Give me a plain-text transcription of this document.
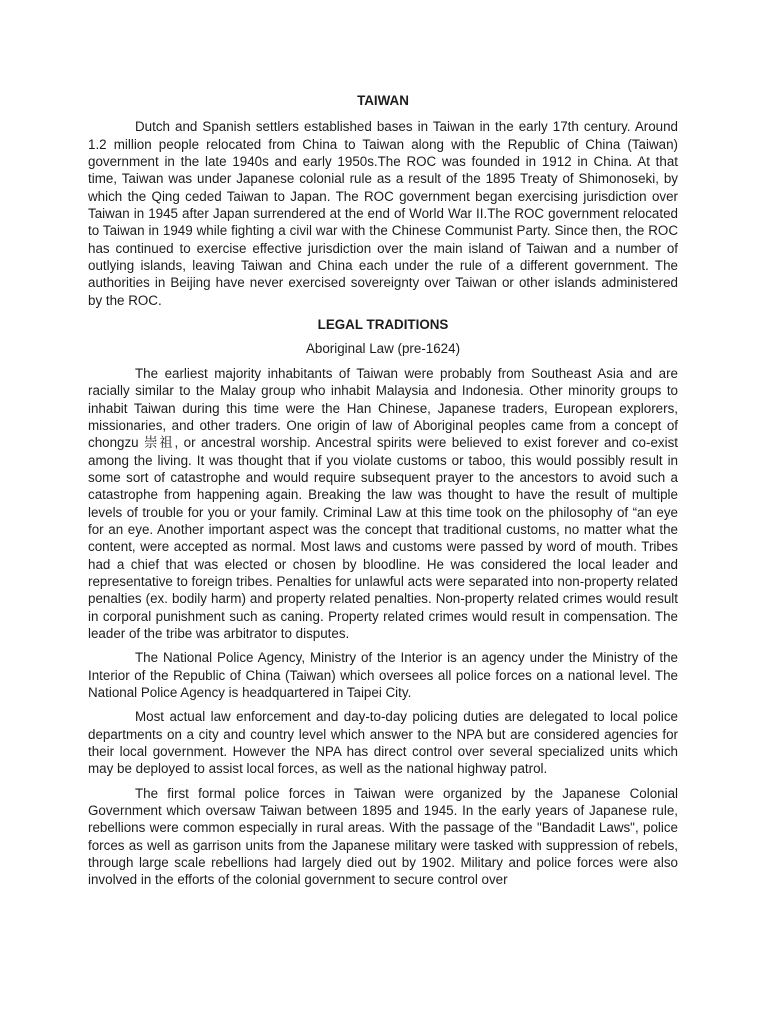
TAIWAN

Dutch and Spanish settlers established bases in Taiwan in the early 17th century. Around 1.2 million people relocated from China to Taiwan along with the Republic of China (Taiwan) government in the late 1940s and early 1950s.The ROC was founded in 1912 in China. At that time, Taiwan was under Japanese colonial rule as a result of the 1895 Treaty of Shimonoseki, by which the Qing ceded Taiwan to Japan. The ROC government began exercising jurisdiction over Taiwan in 1945 after Japan surrendered at the end of World War II.The ROC government relocated to Taiwan in 1949 while fighting a civil war with the Chinese Communist Party. Since then, the ROC has continued to exercise effective jurisdiction over the main island of Taiwan and a number of outlying islands, leaving Taiwan and China each under the rule of a different government. The authorities in Beijing have never exercised sovereignty over Taiwan or other islands administered by the ROC.

LEGAL TRADITIONS

Aboriginal Law (pre-1624)

The earliest majority inhabitants of Taiwan were probably from Southeast Asia and are racially similar to the Malay group who inhabit Malaysia and Indonesia. Other minority groups to inhabit Taiwan during this time were the Han Chinese, Japanese traders, European explorers, missionaries, and other traders. One origin of law of Aboriginal peoples came from a concept of chongzu 崇祖, or ancestral worship. Ancestral spirits were believed to exist forever and co-exist among the living. It was thought that if you violate customs or taboo, this would possibly result in some sort of catastrophe and would require subsequent prayer to the ancestors to avoid such a catastrophe from happening again. Breaking the law was thought to have the result of multiple levels of trouble for you or your family. Criminal Law at this time took on the philosophy of “an eye for an eye. Another important aspect was the concept that traditional customs, no matter what the content, were accepted as normal. Most laws and customs were passed by word of mouth. Tribes had a chief that was elected or chosen by bloodline. He was considered the local leader and representative to foreign tribes. Penalties for unlawful acts were separated into non-property related penalties (ex. bodily harm) and property related penalties. Non-property related crimes would result in corporal punishment such as caning. Property related crimes would result in compensation. The leader of the tribe was arbitrator to disputes.

The National Police Agency, Ministry of the Interior is an agency under the Ministry of the Interior of the Republic of China (Taiwan) which oversees all police forces on a national level. The National Police Agency is headquartered in Taipei City.

Most actual law enforcement and day-to-day policing duties are delegated to local police departments on a city and country level which answer to the NPA but are considered agencies for their local government. However the NPA has direct control over several specialized units which may be deployed to assist local forces, as well as the national highway patrol.

The first formal police forces in Taiwan were organized by the Japanese Colonial Government which oversaw Taiwan between 1895 and 1945. In the early years of Japanese rule, rebellions were common especially in rural areas. With the passage of the "Bandadit Laws", police forces as well as garrison units from the Japanese military were tasked with suppression of rebels, through large scale rebellions had largely died out by 1902. Military and police forces were also involved in the efforts of the colonial government to secure control over
